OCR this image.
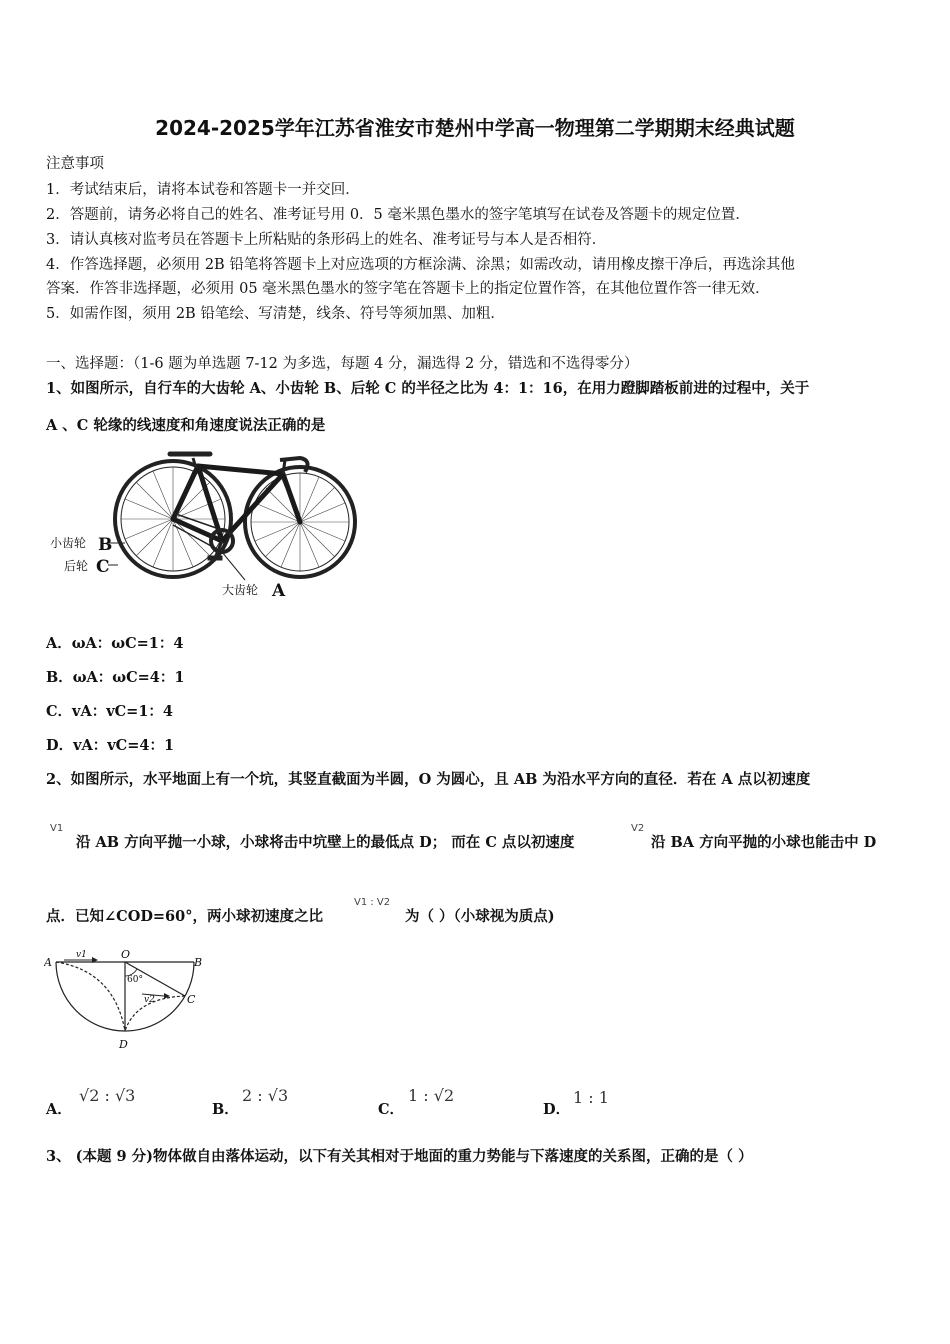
2024-2025学年江苏省淮安市楚州中学高一物理第二学期期末经典试题
注意事项
1．考试结束后，请将本试卷和答题卡一并交回．
2．答题前，请务必将自己的姓名、准考证号用 0．5 毫米黑色墨水的签字笔填写在试卷及答题卡的规定位置．
3．请认真核对监考员在答题卡上所粘贴的条形码上的姓名、准考证号与本人是否相符．
4．作答选择题，必须用 2B 铅笔将答题卡上对应选项的方框涂满、涂黑；如需改动，请用橡皮擦干净后，再选涂其他
答案．作答非选择题，必须用 05 毫米黑色墨水的签字笔在答题卡上的指定位置作答，在其他位置作答一律无效．
5．如需作图，须用 2B 铅笔绘、写清楚，线条、符号等须加黑、加粗．
一、选择题：（1-6 题为单选题 7-12 为多选，每题 4 分，漏选得 2 分，错选和不选得零分）
1、如图所示，自行车的大齿轮 A、小齿轮 B、后轮 C 的半径之比为 4：1：16，在用力蹬脚踏板前进的过程中，关于
A 、C 轮缘的线速度和角速度说法正确的是
小齿轮 B
后轮 C
大齿轮 A
A．ωA：ωC=1：4
B．ωA：ωC=4：1
C．vA：vC=1：4
D．vA：vC=4：1
2、如图所示，水平地面上有一个坑，其竖直截面为半圆，O 为圆心，且 AB 为沿水平方向的直径．若在 A 点以初速度
V1
沿 AB 方向平抛一小球，小球将击中坑壁上的最低点 D； 而在 C 点以初速度
V2
沿 BA 方向平抛的小球也能击中 D
点．已知∠COD=60°，两小球初速度之比
V1 : V2
为（ ）（小球视为质点)
A
v1	O
B
60°
v2	C
D
A．
√2 : √3
B．
2 : √3
C．
1 : √2
D．
1 : 1
3、 (本题 9 分)物体做自由落体运动，以下有关其相对于地面的重力势能与下落速度的关系图，正确的是（ ）
